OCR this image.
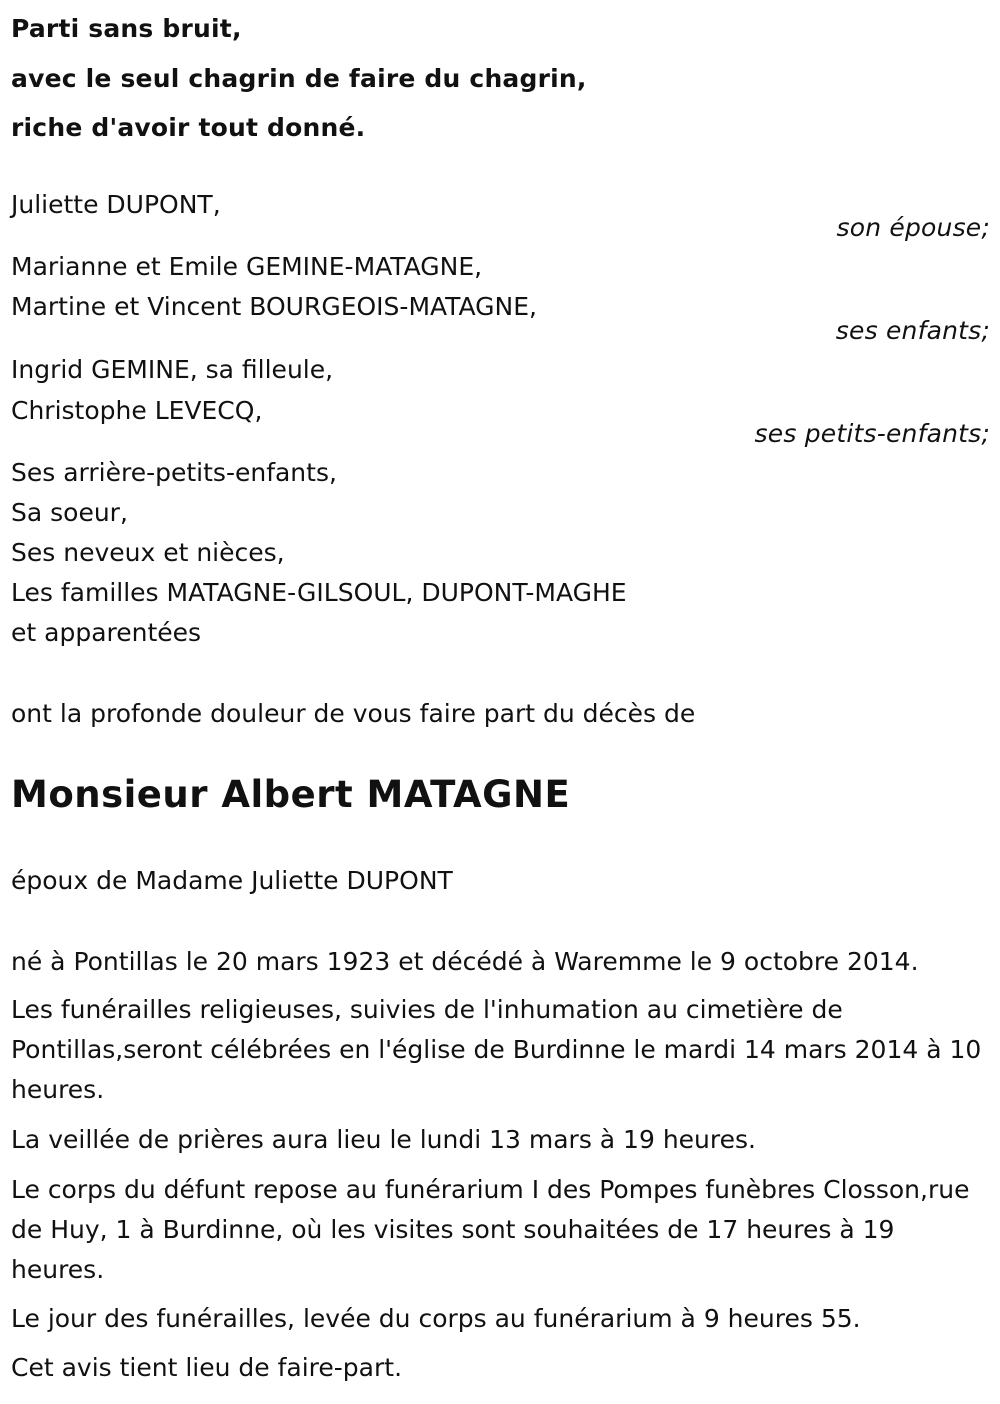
Parti sans bruit,
avec le seul chagrin de faire du chagrin,
riche d'avoir tout donné.
Juliette DUPONT,
son épouse;
Marianne et Emile GEMINE-MATAGNE,
Martine et Vincent BOURGEOIS-MATAGNE,
ses enfants;
Ingrid GEMINE, sa filleule,
Christophe LEVECQ,
ses petits-enfants;
Ses arrière-petits-enfants,
Sa soeur,
Ses neveux et nièces,
Les familles MATAGNE-GILSOUL, DUPONT-MAGHE
et apparentées
ont la profonde douleur de vous faire part du décès de
Monsieur Albert MATAGNE
époux de Madame Juliette DUPONT
né à Pontillas le 20 mars 1923 et décédé à Waremme le 9 octobre 2014.
Les funérailles religieuses, suivies de l'inhumation au cimetière de Pontillas,seront célébrées en l'église de Burdinne le mardi 14 mars 2014 à 10 heures.
La veillée de prières aura lieu le lundi 13 mars à 19 heures.
Le corps du défunt repose au funérarium I des Pompes funèbres Closson,rue de Huy, 1 à Burdinne, où les visites sont souhaitées de 17 heures à 19 heures.
Le jour des funérailles, levée du corps au funérarium à 9 heures 55.
Cet avis tient lieu de faire-part.
